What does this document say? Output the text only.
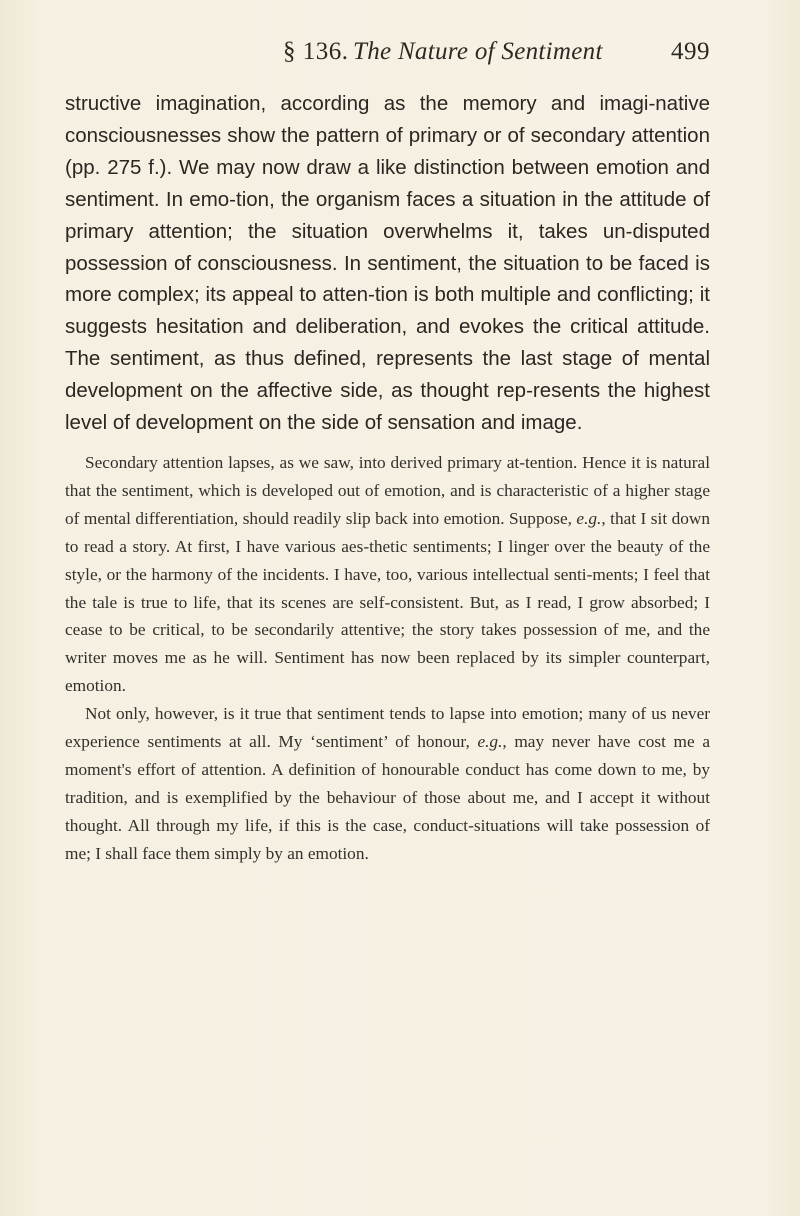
§ 136. The Nature of Sentiment	499

structive imagination, according as the memory and imagi-native consciousnesses show the pattern of primary or of secondary attention (pp. 275 f.). We may now draw a like distinction between emotion and sentiment. In emo-tion, the organism faces a situation in the attitude of primary attention; the situation overwhelms it, takes un-disputed possession of consciousness. In sentiment, the situation to be faced is more complex; its appeal to atten-tion is both multiple and conflicting; it suggests hesitation and deliberation, and evokes the critical attitude. The sentiment, as thus defined, represents the last stage of mental development on the affective side, as thought rep-resents the highest level of development on the side of sensation and image.

Secondary attention lapses, as we saw, into derived primary at-tention. Hence it is natural that the sentiment, which is developed out of emotion, and is characteristic of a higher stage of mental differentiation, should readily slip back into emotion. Suppose, e.g., that I sit down to read a story. At first, I have various aes-thetic sentiments; I linger over the beauty of the style, or the harmony of the incidents. I have, too, various intellectual senti-ments; I feel that the tale is true to life, that its scenes are self-consistent. But, as I read, I grow absorbed; I cease to be critical, to be secondarily attentive; the story takes possession of me, and the writer moves me as he will. Sentiment has now been replaced by its simpler counterpart, emotion.

Not only, however, is it true that sentiment tends to lapse into emotion; many of us never experience sentiments at all. My ‘sentiment’ of honour, e.g., may never have cost me a moment's effort of attention. A definition of honourable conduct has come down to me, by tradition, and is exemplified by the behaviour of those about me, and I accept it without thought. All through my life, if this is the case, conduct-situations will take possession of me; I shall face them simply by an emotion.
